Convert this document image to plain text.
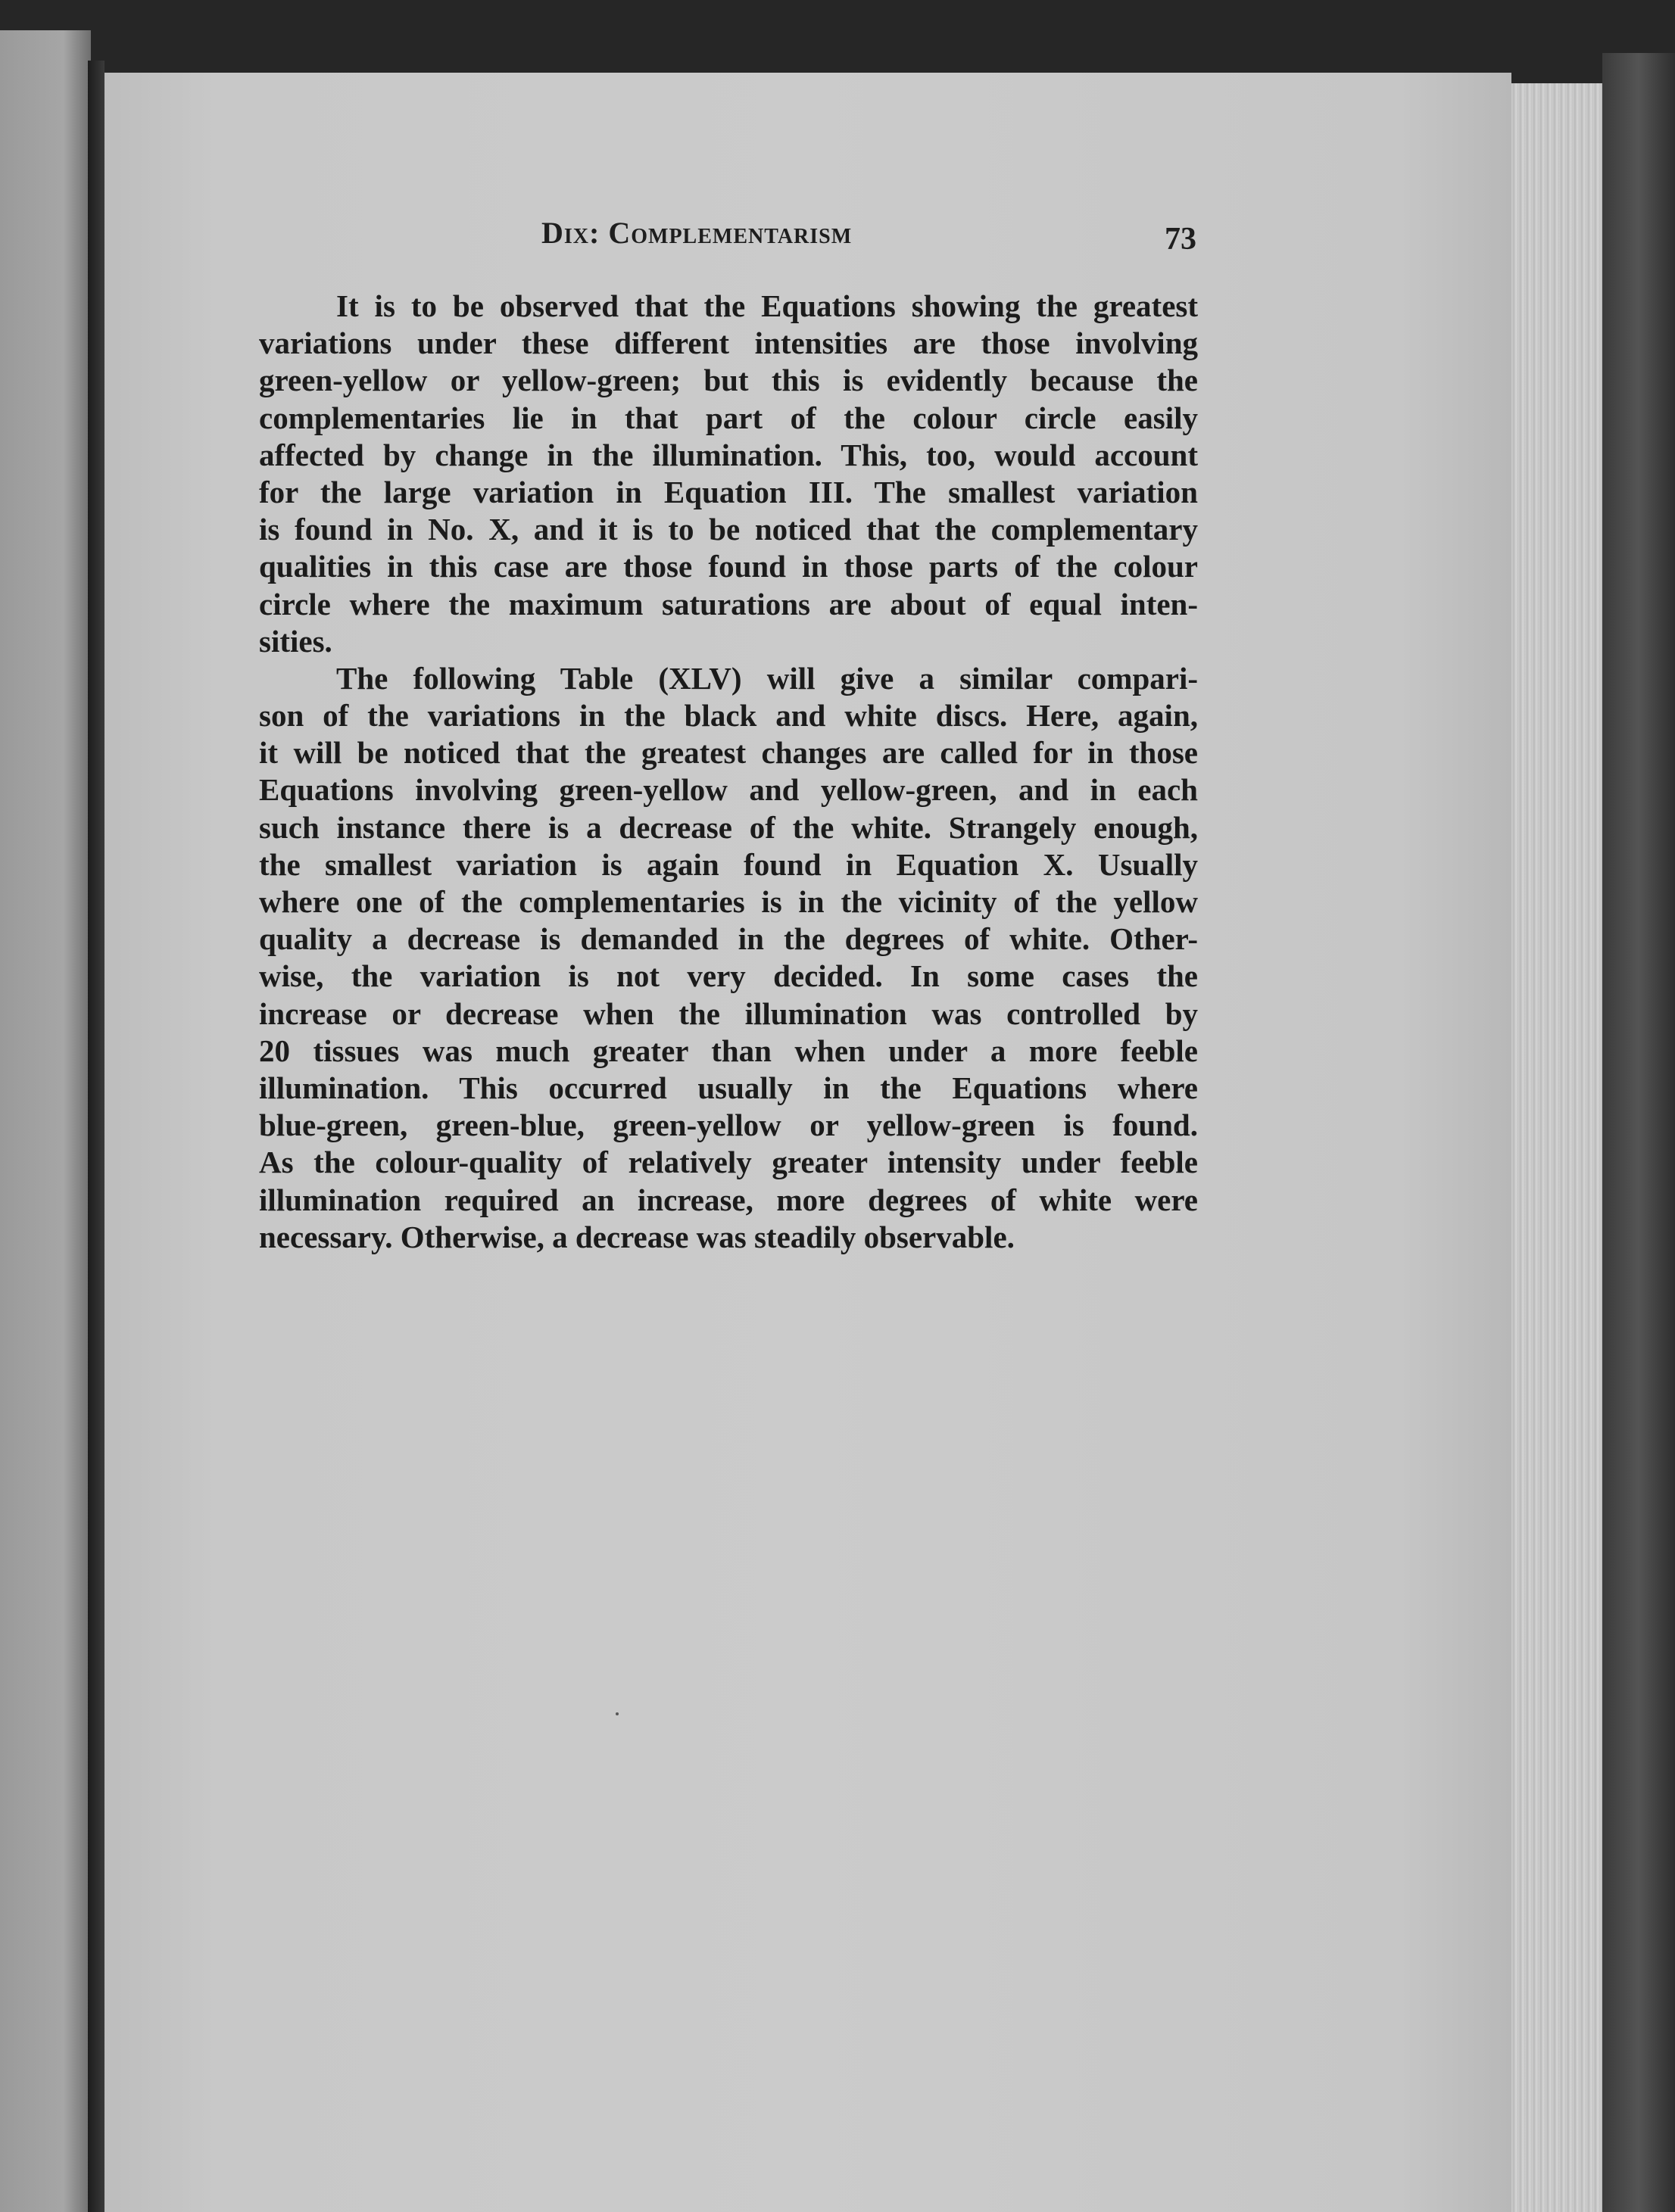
Dix: Complementarism	73
It is to be observed that the Equations showing the greatest
variations under these different intensities are those involving
green-yellow or yellow-green; but this is evidently because the
complementaries lie in that part of the colour circle easily
affected by change in the illumination. This, too, would account
for the large variation in Equation III. The smallest variation
is found in No. X, and it is to be noticed that the complementary
qualities in this case are those found in those parts of the colour
circle where the maximum saturations are about of equal inten-
sities.
The following Table (XLV) will give a similar compari-
son of the variations in the black and white discs. Here, again,
it will be noticed that the greatest changes are called for in those
Equations involving green-yellow and yellow-green, and in each
such instance there is a decrease of the white. Strangely enough,
the smallest variation is again found in Equation X. Usually
where one of the complementaries is in the vicinity of the yellow
quality a decrease is demanded in the degrees of white. Other-
wise, the variation is not very decided. In some cases the
increase or decrease when the illumination was controlled by
20 tissues was much greater than when under a more feeble
illumination. This occurred usually in the Equations where
blue-green, green-blue, green-yellow or yellow-green is found.
As the colour-quality of relatively greater intensity under feeble
illumination required an increase, more degrees of white were
necessary. Otherwise, a decrease was steadily observable.
